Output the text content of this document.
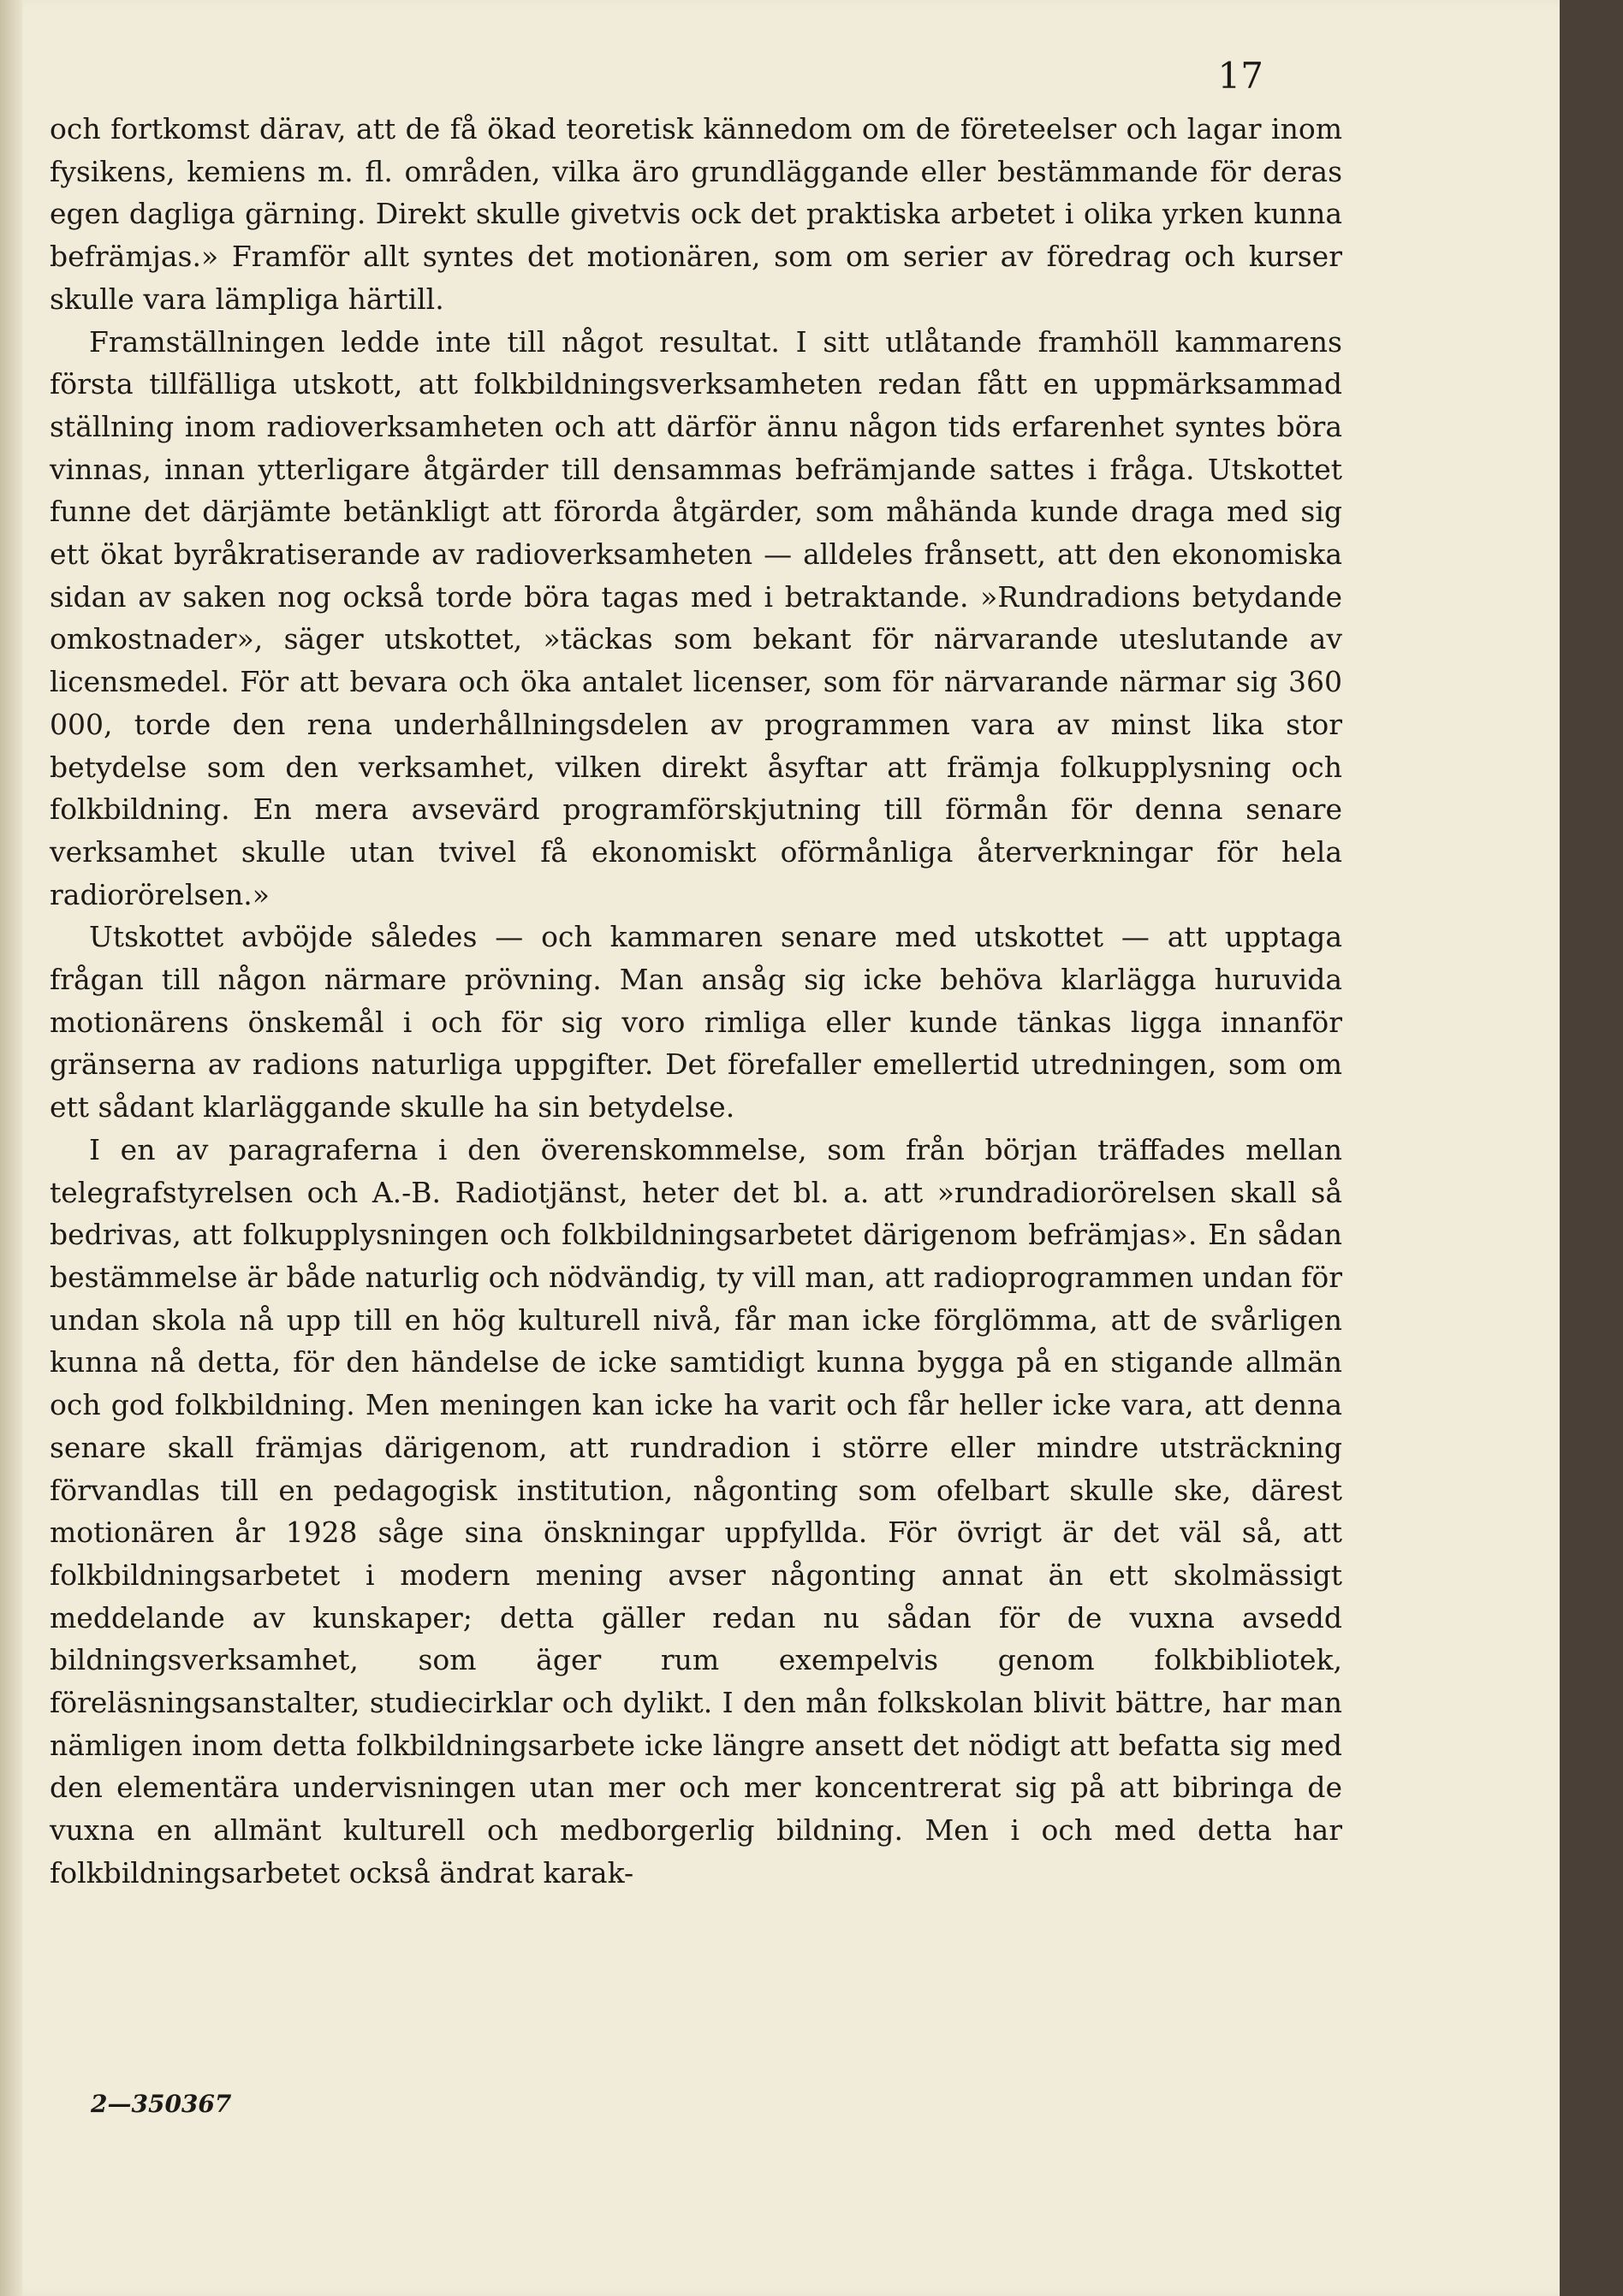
17

och fortkomst därav, att de få ökad teoretisk kännedom om de företeelser och lagar inom fysikens, kemiens m. fl. områden, vilka äro grundläggande eller bestämmande för deras egen dagliga gärning. Direkt skulle givetvis ock det praktiska arbetet i olika yrken kunna befrämjas.» Framför allt syntes det motionären, som om serier av föredrag och kurser skulle vara lämpliga härtill.

Framställningen ledde inte till något resultat. I sitt utlåtande framhöll kammarens första tillfälliga utskott, att folkbildningsverksamheten redan fått en uppmärksammad ställning inom radioverksamheten och att därför ännu någon tids erfarenhet syntes böra vinnas, innan ytterligare åtgärder till densammas befrämjande sattes i fråga. Utskottet funne det därjämte betänkligt att förorda åtgärder, som måhända kunde draga med sig ett ökat byråkratiserande av radioverksamheten — alldeles frånsett, att den ekonomiska sidan av saken nog också torde böra tagas med i betraktande. »Rundradions betydande omkostnader», säger utskottet, »täckas som bekant för närvarande uteslutande av licensmedel. För att bevara och öka antalet licenser, som för närvarande närmar sig 360 000, torde den rena underhållningsdelen av programmen vara av minst lika stor betydelse som den verksamhet, vilken direkt åsyftar att främja folkupplysning och folkbildning. En mera avsevärd programförskjutning till förmån för denna senare verksamhet skulle utan tvivel få ekonomiskt oförmånliga återverkningar för hela radiorörelsen.»

Utskottet avböjde således — och kammaren senare med utskottet — att upptaga frågan till någon närmare prövning. Man ansåg sig icke behöva klarlägga huruvida motionärens önskemål i och för sig voro rimliga eller kunde tänkas ligga innanför gränserna av radions naturliga uppgifter. Det förefaller emellertid utredningen, som om ett sådant klarläggande skulle ha sin betydelse.

I en av paragraferna i den överenskommelse, som från början träffades mellan telegrafstyrelsen och A.-B. Radiotjänst, heter det bl. a. att »rundradiorörelsen skall så bedrivas, att folkupplysningen och folkbildningsarbetet därigenom befrämjas». En sådan bestämmelse är både naturlig och nödvändig, ty vill man, att radioprogrammen undan för undan skola nå upp till en hög kulturell nivå, får man icke förglömma, att de svårligen kunna nå detta, för den händelse de icke samtidigt kunna bygga på en stigande allmän och god folkbildning. Men meningen kan icke ha varit och får heller icke vara, att denna senare skall främjas därigenom, att rundradion i större eller mindre utsträckning förvandlas till en pedagogisk institution, någonting som ofelbart skulle ske, därest motionären år 1928 såge sina önskningar uppfyllda. För övrigt är det väl så, att folkbildningsarbetet i modern mening avser någonting annat än ett skolmässigt meddelande av kunskaper; detta gäller redan nu sådan för de vuxna avsedd bildningsverksamhet, som äger rum exempelvis genom folkbibliotek, föreläsningsanstalter, studiecirklar och dylikt. I den mån folkskolan blivit bättre, har man nämligen inom detta folkbildningsarbete icke längre ansett det nödigt att befatta sig med den elementära undervisningen utan mer och mer koncentrerat sig på att bibringa de vuxna en allmänt kulturell och medborgerlig bildning. Men i och med detta har folkbildningsarbetet också ändrat karak-

2—350367
